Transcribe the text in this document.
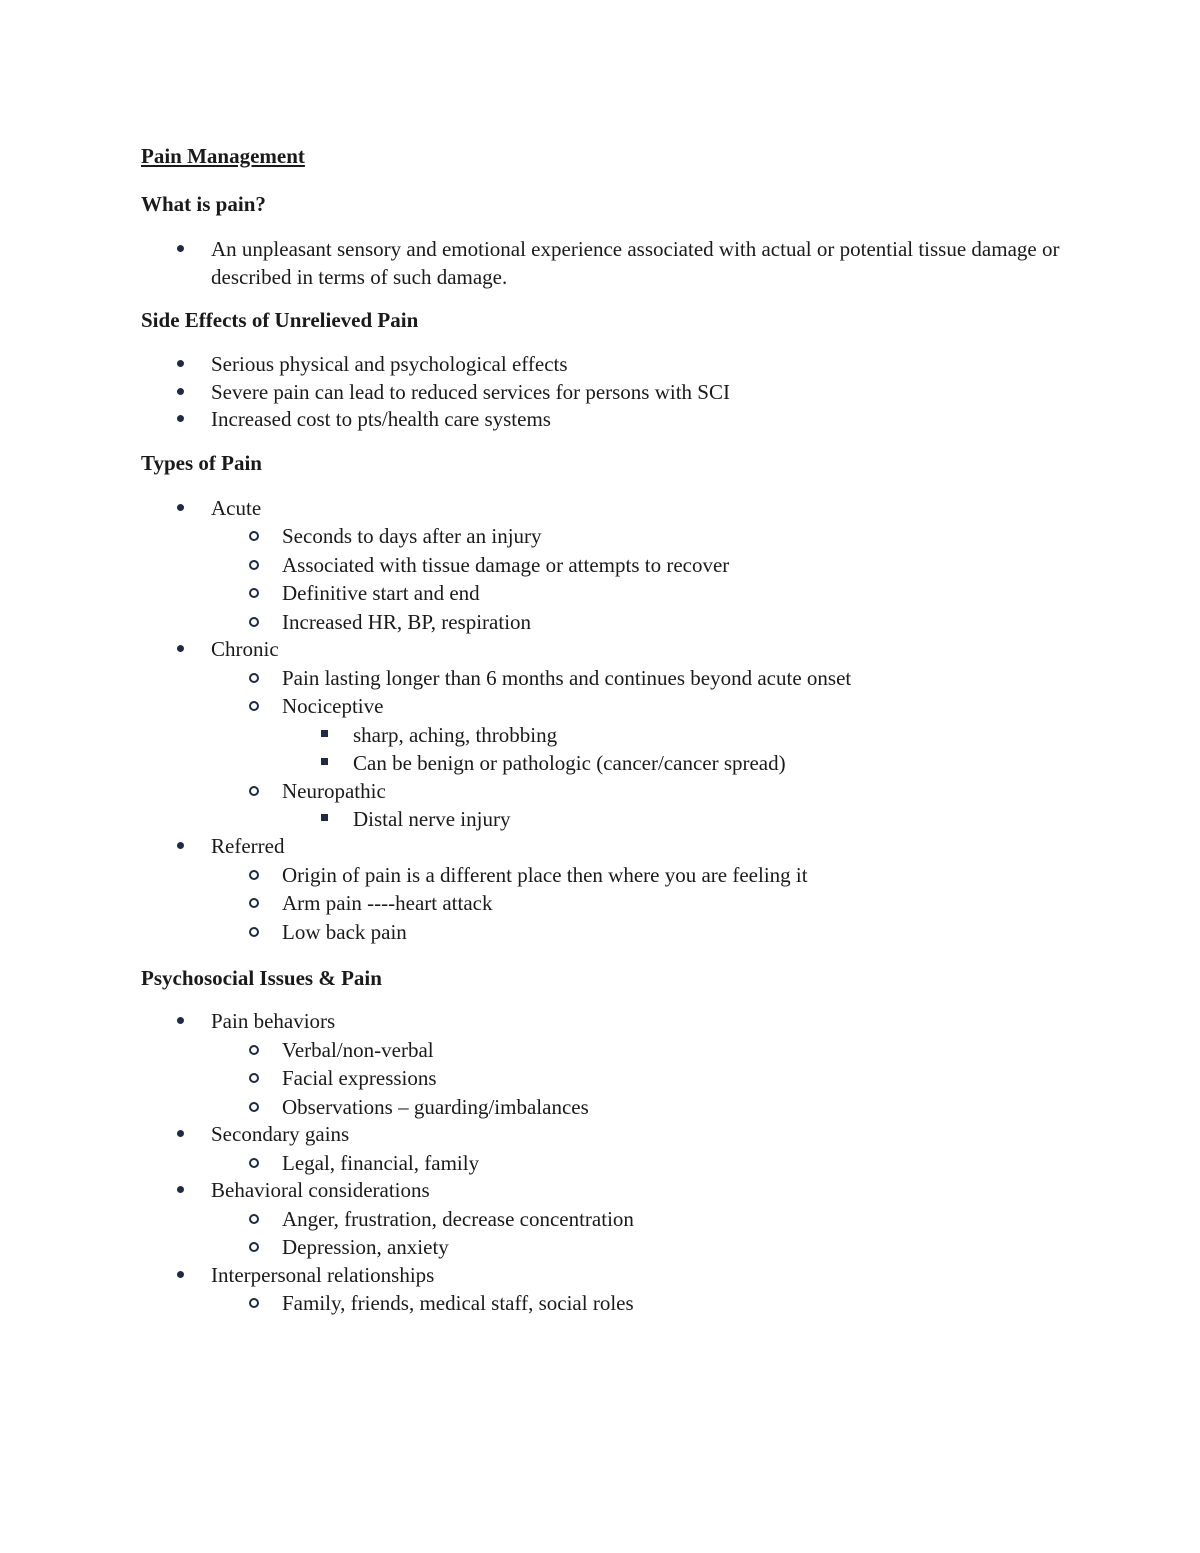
Pain Management

What is pain?

An unpleasant sensory and emotional experience associated with actual or potential tissue damage or described in terms of such damage.

Side Effects of Unrelieved Pain

Serious physical and psychological effects
Severe pain can lead to reduced services for persons with SCI
Increased cost to pts/health care systems

Types of Pain

Acute
Seconds to days after an injury
Associated with tissue damage or attempts to recover
Definitive start and end
Increased HR, BP, respiration
Chronic
Pain lasting longer than 6 months and continues beyond acute onset
Nociceptive
sharp, aching, throbbing
Can be benign or pathologic (cancer/cancer spread)
Neuropathic
Distal nerve injury
Referred
Origin of pain is a different place then where you are feeling it
Arm pain ----heart attack
Low back pain

Psychosocial Issues & Pain

Pain behaviors
Verbal/non-verbal
Facial expressions
Observations – guarding/imbalances
Secondary gains
Legal, financial, family
Behavioral considerations
Anger, frustration, decrease concentration
Depression, anxiety
Interpersonal relationships
Family, friends, medical staff, social roles
